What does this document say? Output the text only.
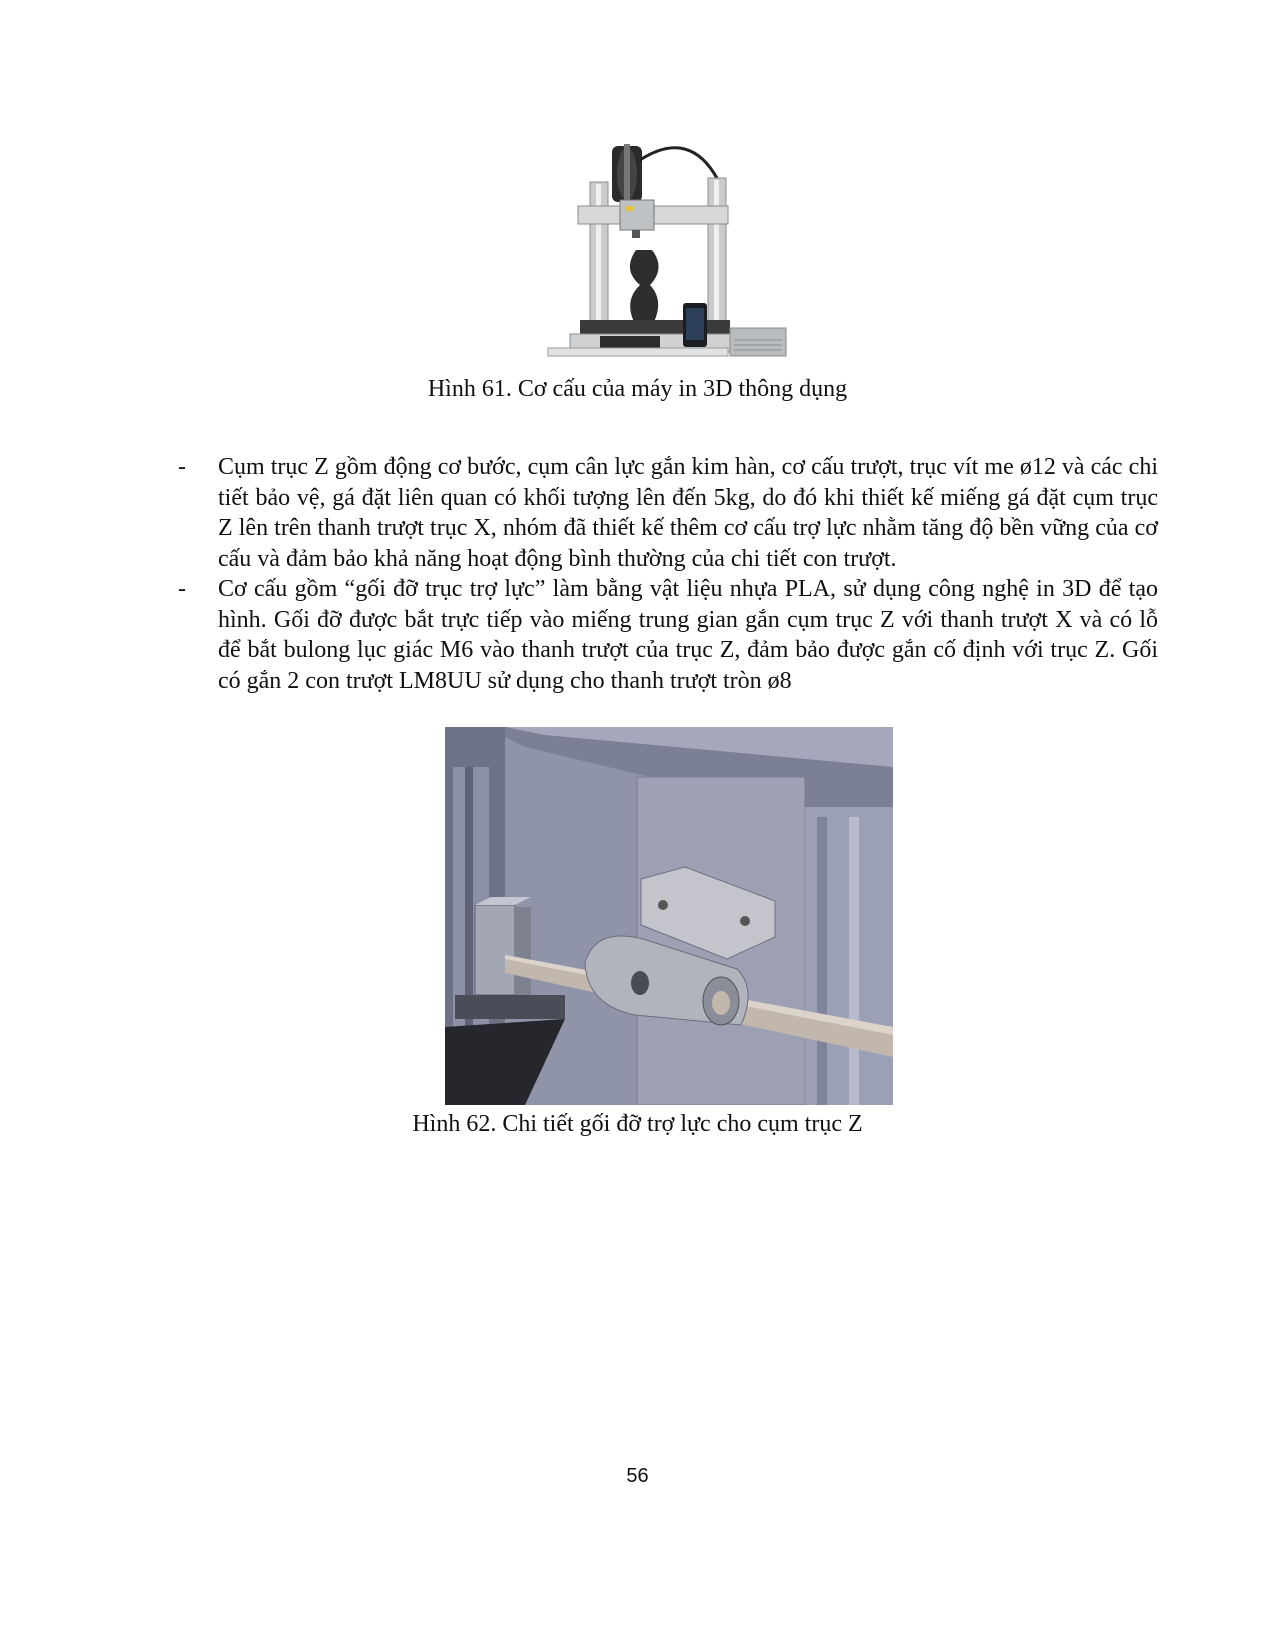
Hình 61. Cơ cấu của máy in 3D thông dụng
- Cụm trục Z gồm động cơ bước, cụm cân lực gắn kim hàn, cơ cấu trượt, trục vít me ø12 và các chi tiết bảo vệ, gá đặt liên quan có khối tượng lên đến 5kg, do đó khi thiết kế miếng gá đặt cụm trục Z lên trên thanh trượt trục X, nhóm đã thiết kế thêm cơ cấu trợ lực nhằm tăng độ bền vững của cơ cấu và đảm bảo khả năng hoạt động bình thường của chi tiết con trượt.
- Cơ cấu gồm “gối đỡ trục trợ lực” làm bằng vật liệu nhựa PLA, sử dụng công nghệ in 3D để tạo hình. Gối đỡ được bắt trực tiếp vào miếng trung gian gắn cụm trục Z với thanh trượt X và có lỗ để bắt bulong lục giác M6 vào thanh trượt của trục Z, đảm bảo được gắn cố định với trục Z. Gối có gắn 2 con trượt LM8UU sử dụng cho thanh trượt tròn ø8
Hình 62. Chi tiết gối đỡ trợ lực cho cụm trục Z
56
